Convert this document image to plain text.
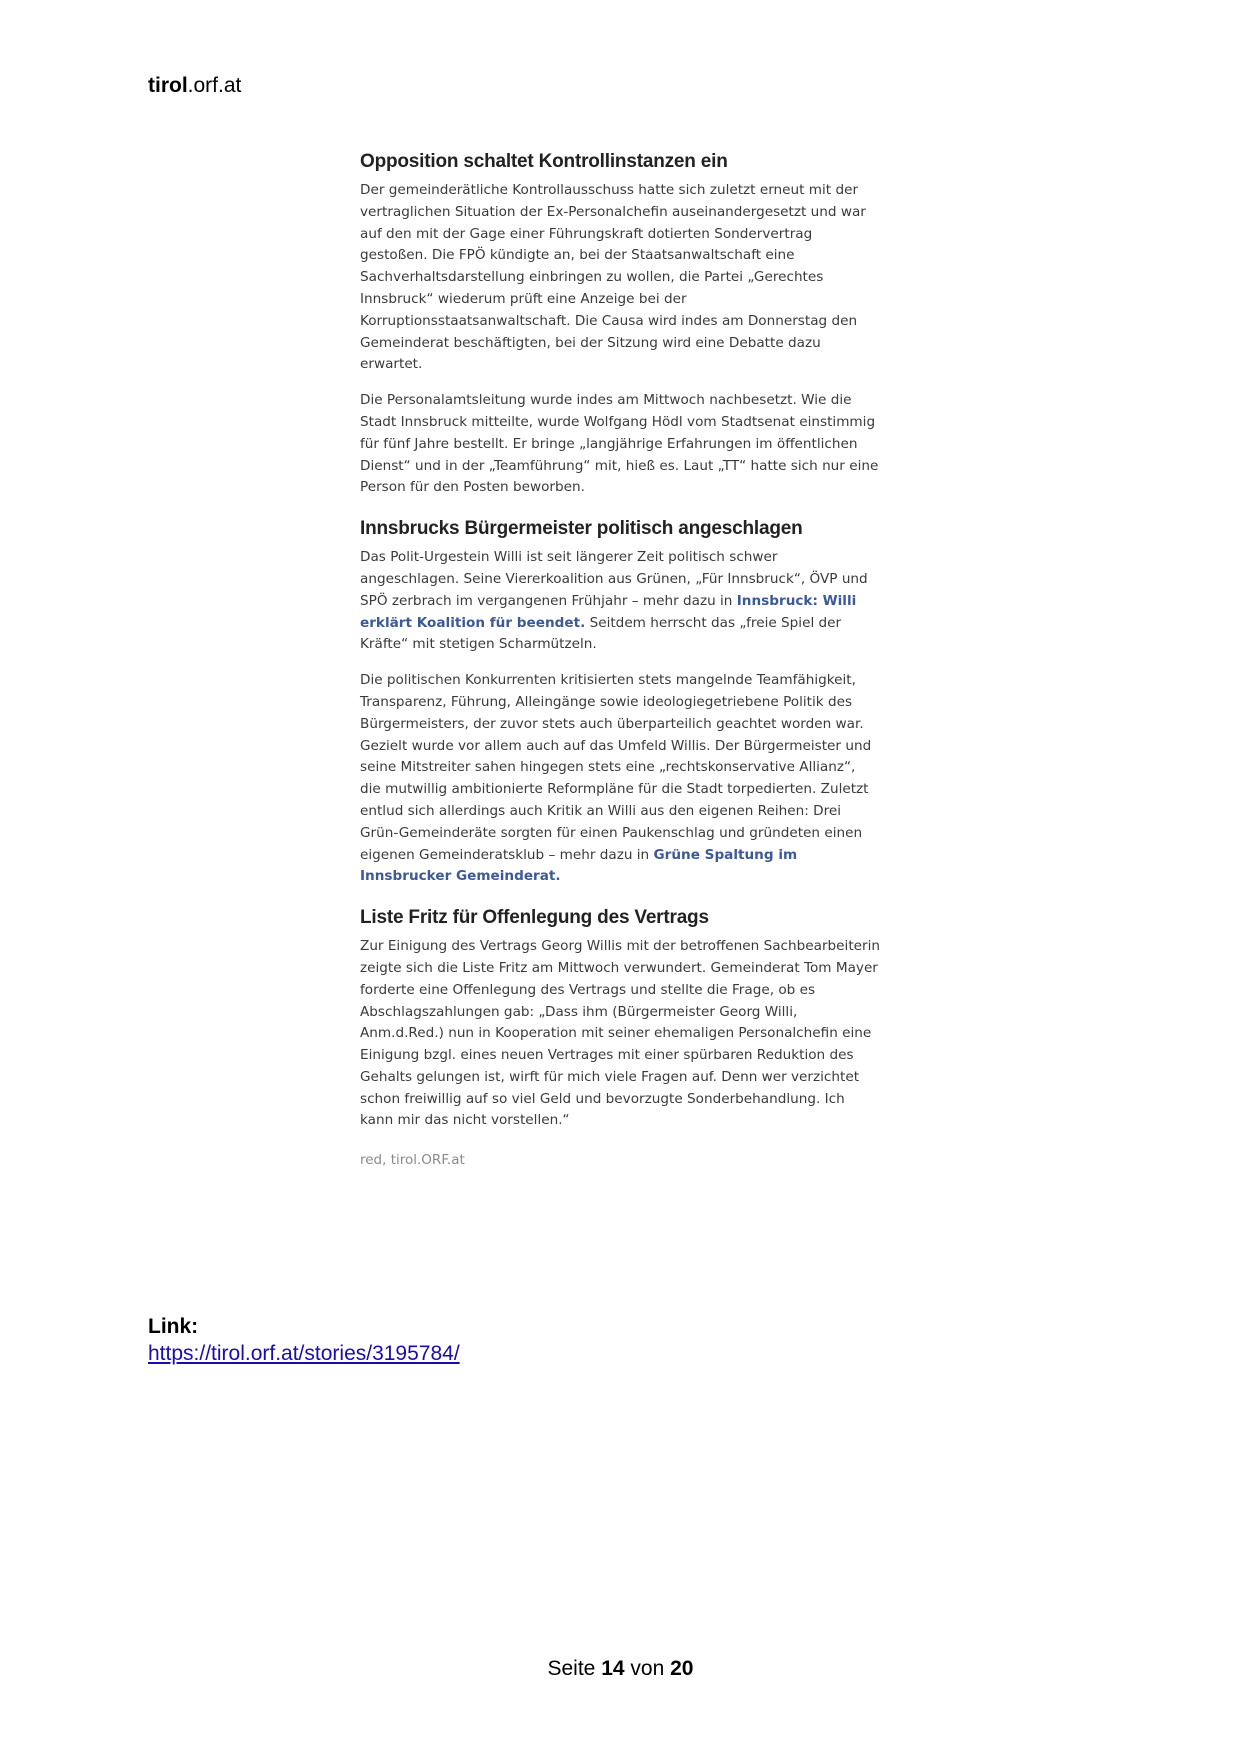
tirol.orf.at
Opposition schaltet Kontrollinstanzen ein

Der gemeinderätliche Kontrollausschuss hatte sich zuletzt erneut mit der vertraglichen Situation der Ex-Personalchefin auseinandergesetzt und war auf den mit der Gage einer Führungskraft dotierten Sondervertrag gestoßen. Die FPÖ kündigte an, bei der Staatsanwaltschaft eine Sachverhaltsdarstellung einbringen zu wollen, die Partei „Gerechtes Innsbruck“ wiederum prüft eine Anzeige bei der Korruptionsstaatsanwaltschaft. Die Causa wird indes am Donnerstag den Gemeinderat beschäftigten, bei der Sitzung wird eine Debatte dazu erwartet.

Die Personalamtsleitung wurde indes am Mittwoch nachbesetzt. Wie die Stadt Innsbruck mitteilte, wurde Wolfgang Hödl vom Stadtsenat einstimmig für fünf Jahre bestellt. Er bringe „langjährige Erfahrungen im öffentlichen Dienst“ und in der „Teamführung“ mit, hieß es. Laut „TT“ hatte sich nur eine Person für den Posten beworben.

Innsbrucks Bürgermeister politisch angeschlagen

Das Polit-Urgestein Willi ist seit längerer Zeit politisch schwer angeschlagen. Seine Viererkoalition aus Grünen, „Für Innsbruck“, ÖVP und SPÖ zerbrach im vergangenen Frühjahr – mehr dazu in Innsbruck: Willi erklärt Koalition für beendet. Seitdem herrscht das „freie Spiel der Kräfte“ mit stetigen Scharmützeln.

Die politischen Konkurrenten kritisierten stets mangelnde Teamfähigkeit, Transparenz, Führung, Alleingänge sowie ideologiegetriebene Politik des Bürgermeisters, der zuvor stets auch überparteilich geachtet worden war. Gezielt wurde vor allem auch auf das Umfeld Willis. Der Bürgermeister und seine Mitstreiter sahen hingegen stets eine „rechtskonservative Allianz“, die mutwillig ambitionierte Reformpläne für die Stadt torpedierten. Zuletzt entlud sich allerdings auch Kritik an Willi aus den eigenen Reihen: Drei Grün-Gemeinderäte sorgten für einen Paukenschlag und gründeten einen eigenen Gemeinderatsklub – mehr dazu in Grüne Spaltung im Innsbrucker Gemeinderat.

Liste Fritz für Offenlegung des Vertrags

Zur Einigung des Vertrags Georg Willis mit der betroffenen Sachbearbeiterin zeigte sich die Liste Fritz am Mittwoch verwundert. Gemeinderat Tom Mayer forderte eine Offenlegung des Vertrags und stellte die Frage, ob es Abschlagszahlungen gab: „Dass ihm (Bürgermeister Georg Willi, Anm.d.Red.) nun in Kooperation mit seiner ehemaligen Personalchefin eine Einigung bzgl. eines neuen Vertrages mit einer spürbaren Reduktion des Gehalts gelungen ist, wirft für mich viele Fragen auf. Denn wer verzichtet schon freiwillig auf so viel Geld und bevorzugte Sonderbehandlung. Ich kann mir das nicht vorstellen.“

red, tirol.ORF.at
Link:
https://tirol.orf.at/stories/3195784/
Seite 14 von 20
